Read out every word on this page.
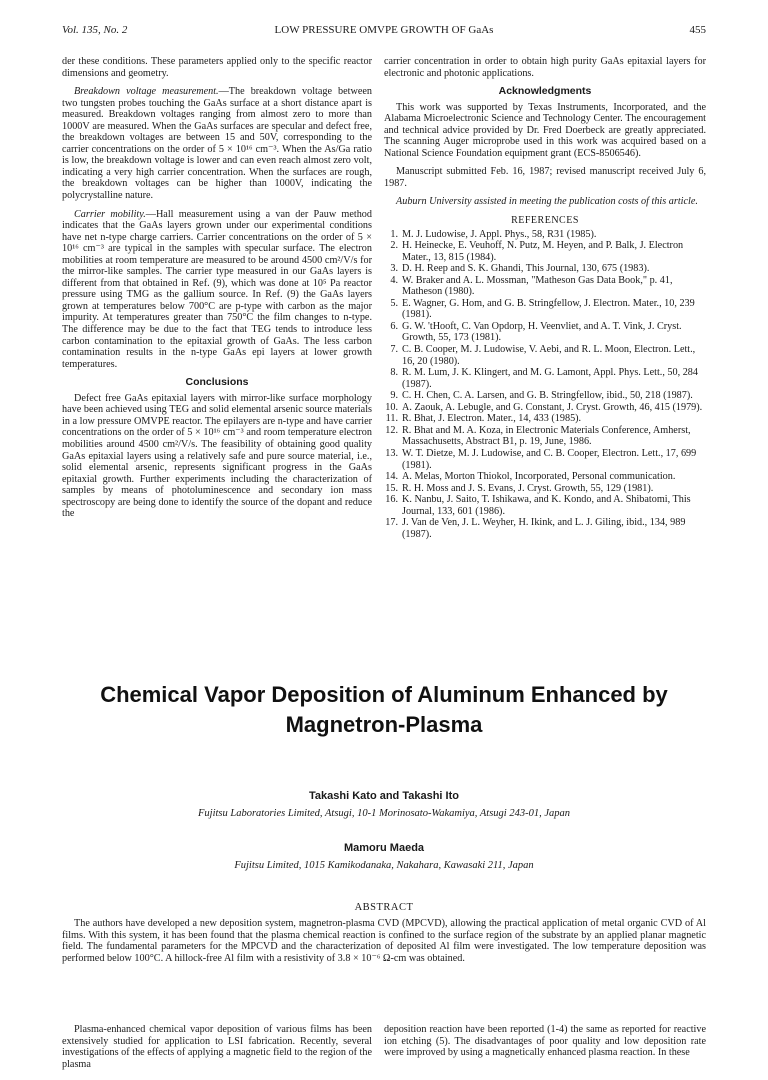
Vol. 135, No. 2	LOW PRESSURE OMVPE GROWTH OF GaAs	455

der these conditions. These parameters applied only to the specific reactor dimensions and geometry.

Breakdown voltage measurement.—The breakdown voltage between two tungsten probes touching the GaAs surface at a short distance apart is measured. Breakdown voltages ranging from almost zero to more than 1000V are measured. When the GaAs surfaces are specular and defect free, the breakdown voltages are between 15 and 50V, corresponding to the carrier concentrations on the order of 5 × 10¹⁶ cm⁻³. When the As/Ga ratio is low, the breakdown voltage is lower and can even reach almost zero volt, indicating a very high carrier concentration. When the surfaces are rough, the breakdown voltages can be higher than 1000V, indicating the polycrystalline nature.

Carrier mobility.—Hall measurement using a van der Pauw method indicates that the GaAs layers grown under our experimental conditions have net n-type charge carriers. Carrier concentrations on the order of 5 × 10¹⁶ cm⁻³ are typical in the samples with specular surface. The electron mobilities at room temperature are measured to be around 4500 cm²/V/s for the mirror-like samples. The carrier type measured in our GaAs layers is different from that obtained in Ref. (9), which was done at 10⁵ Pa reactor pressure using TMG as the gallium source. In Ref. (9) the GaAs layers grown at temperatures below 700°C are p-type with carbon as the major impurity. At temperatures greater than 750°C the film changes to n-type. The difference may be due to the fact that TEG tends to introduce less carbon contamination to the epitaxial growth of GaAs. The less carbon contamination results in the n-type GaAs epi layers at lower growth temperatures.

Conclusions

Defect free GaAs epitaxial layers with mirror-like surface morphology have been achieved using TEG and solid elemental arsenic source materials in a low pressure OMVPE reactor. The epilayers are n-type and have carrier concentrations on the order of 5 × 10¹⁶ cm⁻³ and room temperature electron mobilities around 4500 cm²/V/s. The feasibility of obtaining good quality GaAs epitaxial layers using a relatively safe and pure source material, i.e., solid elemental arsenic, represents significant progress in the GaAs epitaxial growth. Further experiments including the characterization of samples by means of photoluminescence and secondary ion mass spectroscopy are being done to identify the source of the dopant and reduce the

carrier concentration in order to obtain high purity GaAs epitaxial layers for electronic and photonic applications.

Acknowledgments

This work was supported by Texas Instruments, Incorporated, and the Alabama Microelectronic Science and Technology Center. The encouragement and technical advice provided by Dr. Fred Doerbeck are greatly appreciated. The scanning Auger microprobe used in this work was acquired based on a National Science Foundation equipment grant (ECS-8506546).

Manuscript submitted Feb. 16, 1987; revised manuscript received July 6, 1987.

Auburn University assisted in meeting the publication costs of this article.

REFERENCES
1. M. J. Ludowise, J. Appl. Phys., 58, R31 (1985).
2. H. Heinecke, E. Veuhoff, N. Putz, M. Heyen, and P. Balk, J. Electron Mater., 13, 815 (1984).
3. D. H. Reep and S. K. Ghandi, This Journal, 130, 675 (1983).
4. W. Braker and A. L. Mossman, "Matheson Gas Data Book," p. 41, Matheson (1980).
5. E. Wagner, G. Hom, and G. B. Stringfellow, J. Electron. Mater., 10, 239 (1981).
6. G. W. 'tHooft, C. Van Opdorp, H. Veenvliet, and A. T. Vink, J. Cryst. Growth, 55, 173 (1981).
7. C. B. Cooper, M. J. Ludowise, V. Aebi, and R. L. Moon, Electron. Lett., 16, 20 (1980).
8. R. M. Lum, J. K. Klingert, and M. G. Lamont, Appl. Phys. Lett., 50, 284 (1987).
9. C. H. Chen, C. A. Larsen, and G. B. Stringfellow, ibid., 50, 218 (1987).
10. A. Zaouk, A. Lebugle, and G. Constant, J. Cryst. Growth, 46, 415 (1979).
11. R. Bhat, J. Electron. Mater., 14, 433 (1985).
12. R. Bhat and M. A. Koza, in Electronic Materials Conference, Amherst, Massachusetts, Abstract B1, p. 19, June, 1986.
13. W. T. Dietze, M. J. Ludowise, and C. B. Cooper, Electron. Lett., 17, 699 (1981).
14. A. Melas, Morton Thiokol, Incorporated, Personal communication.
15. R. H. Moss and J. S. Evans, J. Cryst. Growth, 55, 129 (1981).
16. K. Nanbu, J. Saito, T. Ishikawa, and K. Kondo, and A. Shibatomi, This Journal, 133, 601 (1986).
17. J. Van de Ven, J. L. Weyher, H. Ikink, and L. J. Giling, ibid., 134, 989 (1987).
Chemical Vapor Deposition of Aluminum Enhanced by
Magnetron-Plasma
Takashi Kato and Takashi Ito
Fujitsu Laboratories Limited, Atsugi, 10-1 Morinosato-Wakamiya, Atsugi 243-01, Japan
Mamoru Maeda
Fujitsu Limited, 1015 Kamikodanaka, Nakahara, Kawasaki 211, Japan
ABSTRACT
The authors have developed a new deposition system, magnetron-plasma CVD (MPCVD), allowing the practical application of metal organic CVD of Al films. With this system, it has been found that the plasma chemical reaction is confined to the surface region of the substrate by an applied planar magnetic field. The fundamental parameters for the MPCVD and the characterization of deposited Al film were investigated. The low temperature deposition was performed below 100°C. A hillock-free Al film with a resistivity of 3.8 × 10⁻⁶ Ω-cm was obtained.

Plasma-enhanced chemical vapor deposition of various films has been extensively studied for application to LSI fabrication. Recently, several investigations of the effects of applying a magnetic field to the region of the plasma

deposition reaction have been reported (1-4) the same as reported for reactive ion etching (5). The disadvantages of poor quality and low deposition rate were improved by using a magnetically enhanced plasma reaction. In these
